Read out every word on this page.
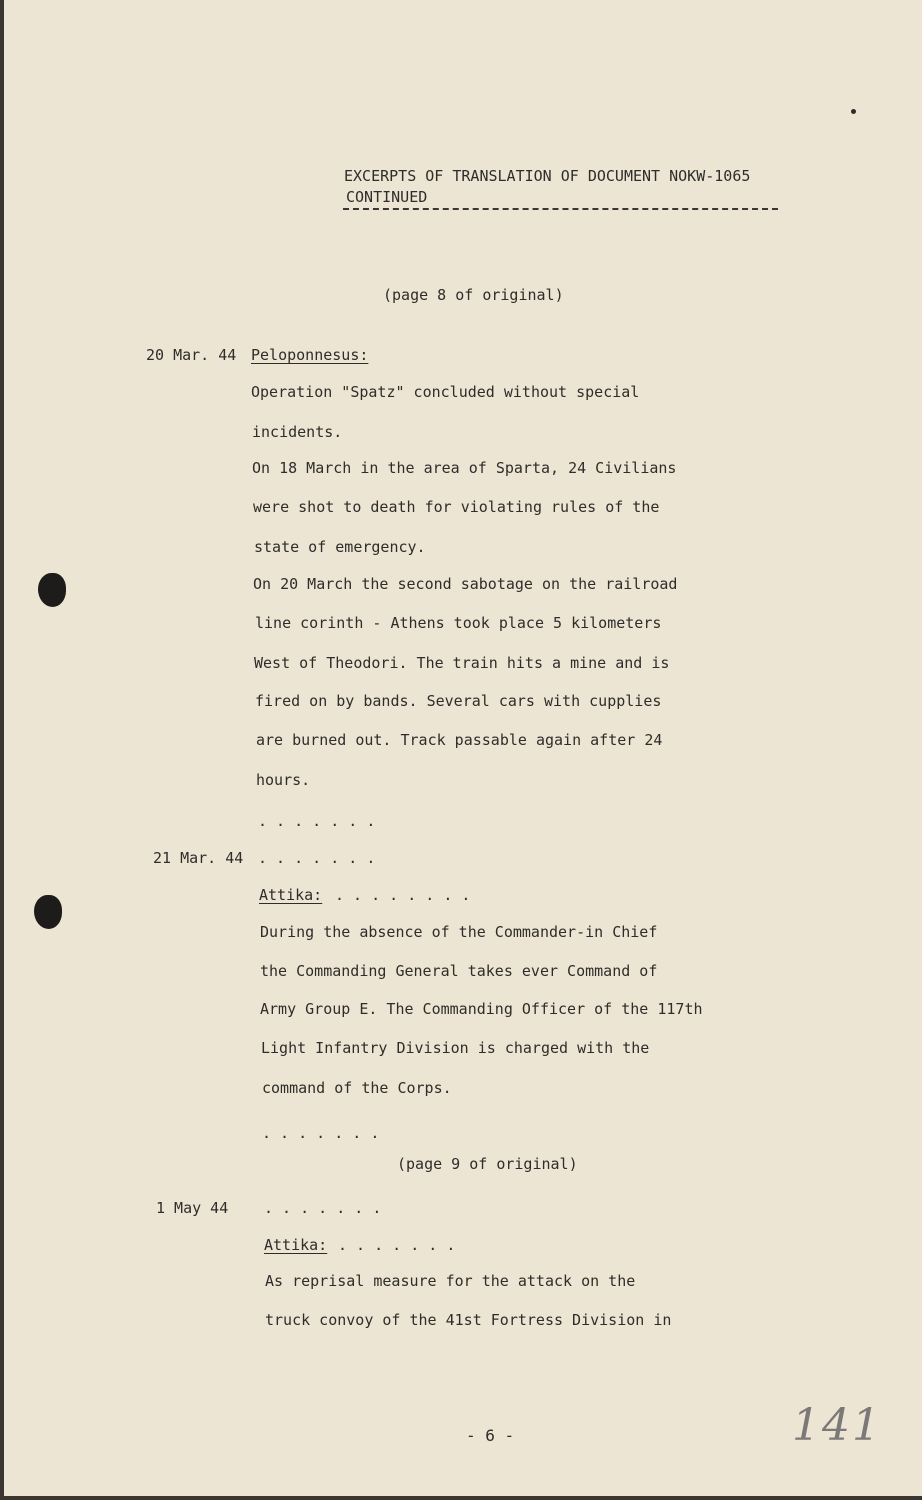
EXCERPTS OF TRANSLATION OF DOCUMENT NOKW-1065
CONTINUED
(page 8 of original)
20 Mar. 44 Peloponnesus:
Operation "Spatz" concluded without special
incidents.
On 18 March in the area of Sparta, 24 Civilians
were shot to death for violating rules of the
state of emergency.
On 20 March the second sabotage on the railroad
line corinth - Athens took place 5 kilometers
West of Theodori. The train hits a mine and is
fired on by bands. Several cars with cupplies
are burned out. Track passable again after 24
hours.
. . . . . . .
21 Mar. 44 . . . . . . .
Attika: . . . . . . . .
During the absence of the Commander-in Chief
the Commanding General takes ever Command of
Army Group E. The Commanding Officer of the 117th
Light Infantry Division is charged with the
command of the Corps.
. . . . . . .
(page 9 of original)
1 May 44 . . . . . . .
Attika: . . . . . . .
As reprisal measure for the attack on the
truck convoy of the 41st Fortress Division in
- 6 -	141
